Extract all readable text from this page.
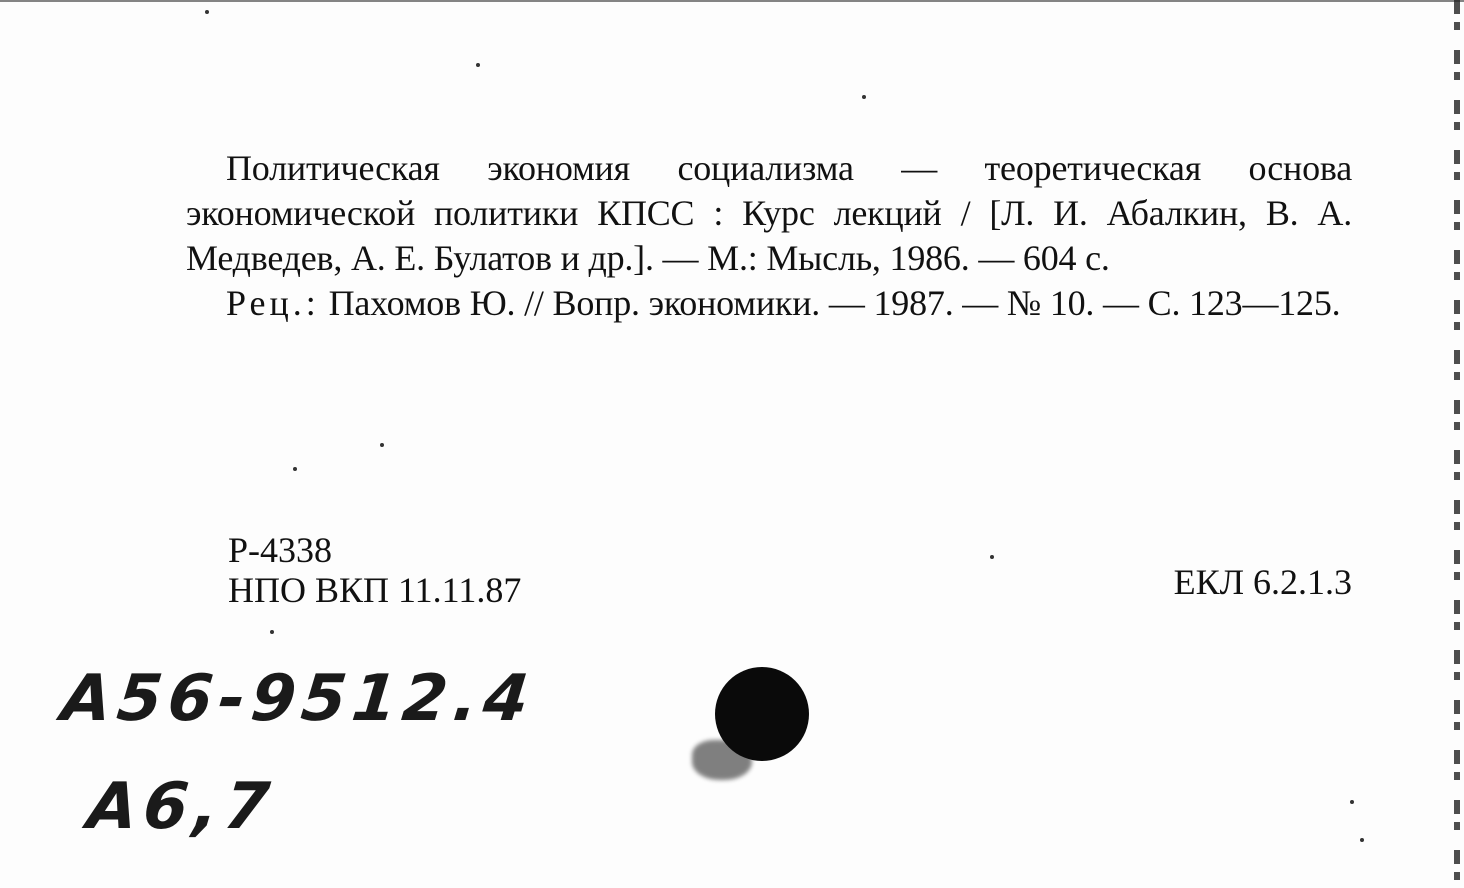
Политическая экономия социализма — теоретическая основа экономической политики КПСС : Курс лекций / [Л. И. Абалкин, В. А. Медведев, А. Е. Булатов и др.]. — М.: Мысль, 1986. — 604 с.

Рец.: Пахомов Ю. // Вопр. экономики. — 1987. — № 10. — С. 123—125.

Р-4338
НПО ВКП 11.11.87	ЕКЛ 6.2.1.3
А56-9512.4
А6,7
